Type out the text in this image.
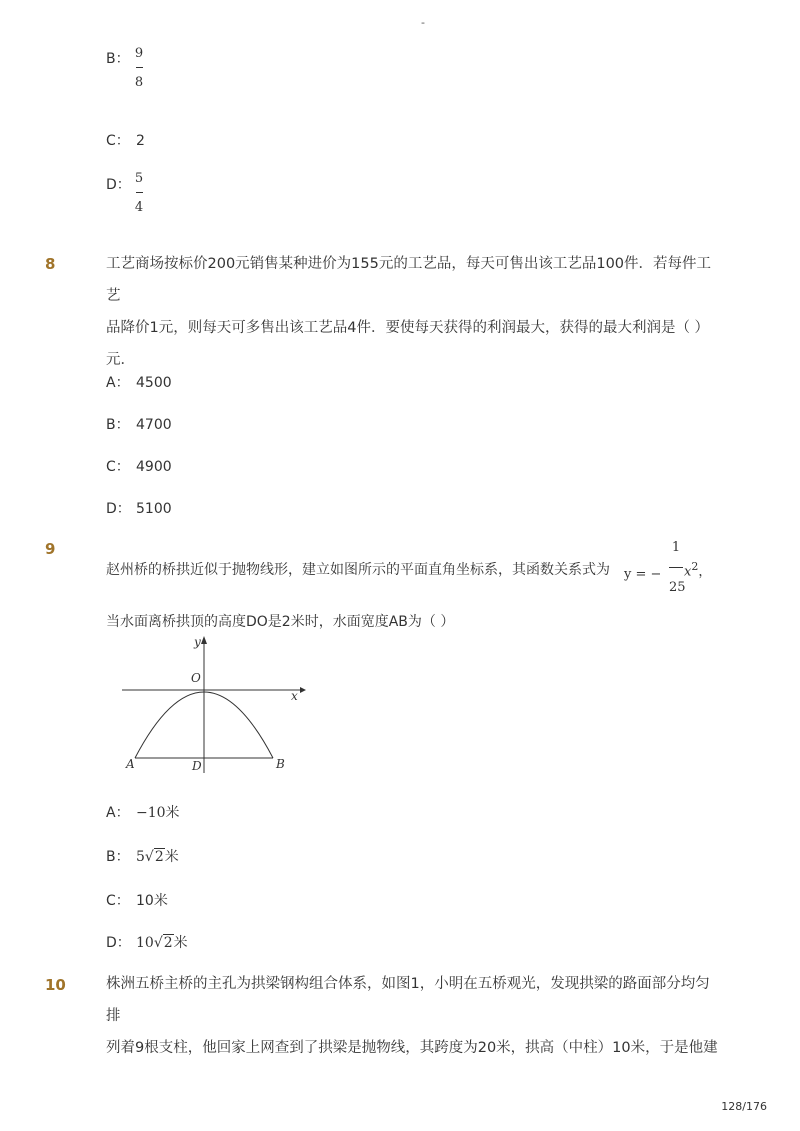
-
B： 9
8
C： 2
D： 5
4
8	工艺商场按标价200元销售某种进价为155元的工艺品，每天可售出该工艺品100件．若每件工艺
品降价1元，则每天可多售出该工艺品4件．要使每天获得的利润最大，获得的最大利润是（ ）
元．
A： 4500
B： 4700
C： 4900
D： 5100
9
赵州桥的桥拱近似于抛物线形，建立如图所示的平面直角坐标系，其函数关系式为	y = −
1
25
$x^2$，
当水面离桥拱顶的高度DO是2米时，水面宽度AB为（ ）
y
x
O
A	D	B
A： −10米
B： 5√2米
C： 10米
D： 10√2米
10	株洲五桥主桥的主孔为拱梁钢构组合体系，如图1，小明在五桥观光，发现拱梁的路面部分均匀排
列着9根支柱，他回家上网查到了拱梁是抛物线，其跨度为20米，拱高（中柱）10米，于是他建
128/176
